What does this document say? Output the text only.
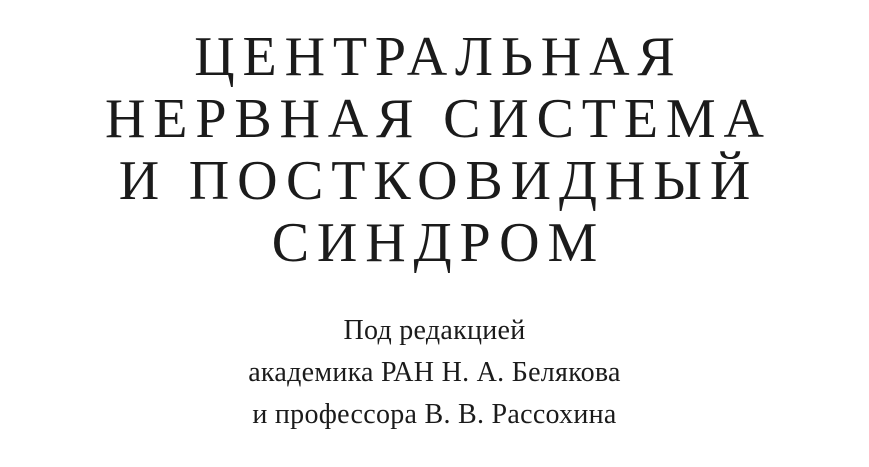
ЦЕНТРАЛЬНАЯ
НЕРВНАЯ СИСТЕМА
И ПОСТКОВИДНЫЙ
СИНДРОМ
Под редакцией
академика РАН Н. А. Белякова
и профессора В. В. Рассохина
